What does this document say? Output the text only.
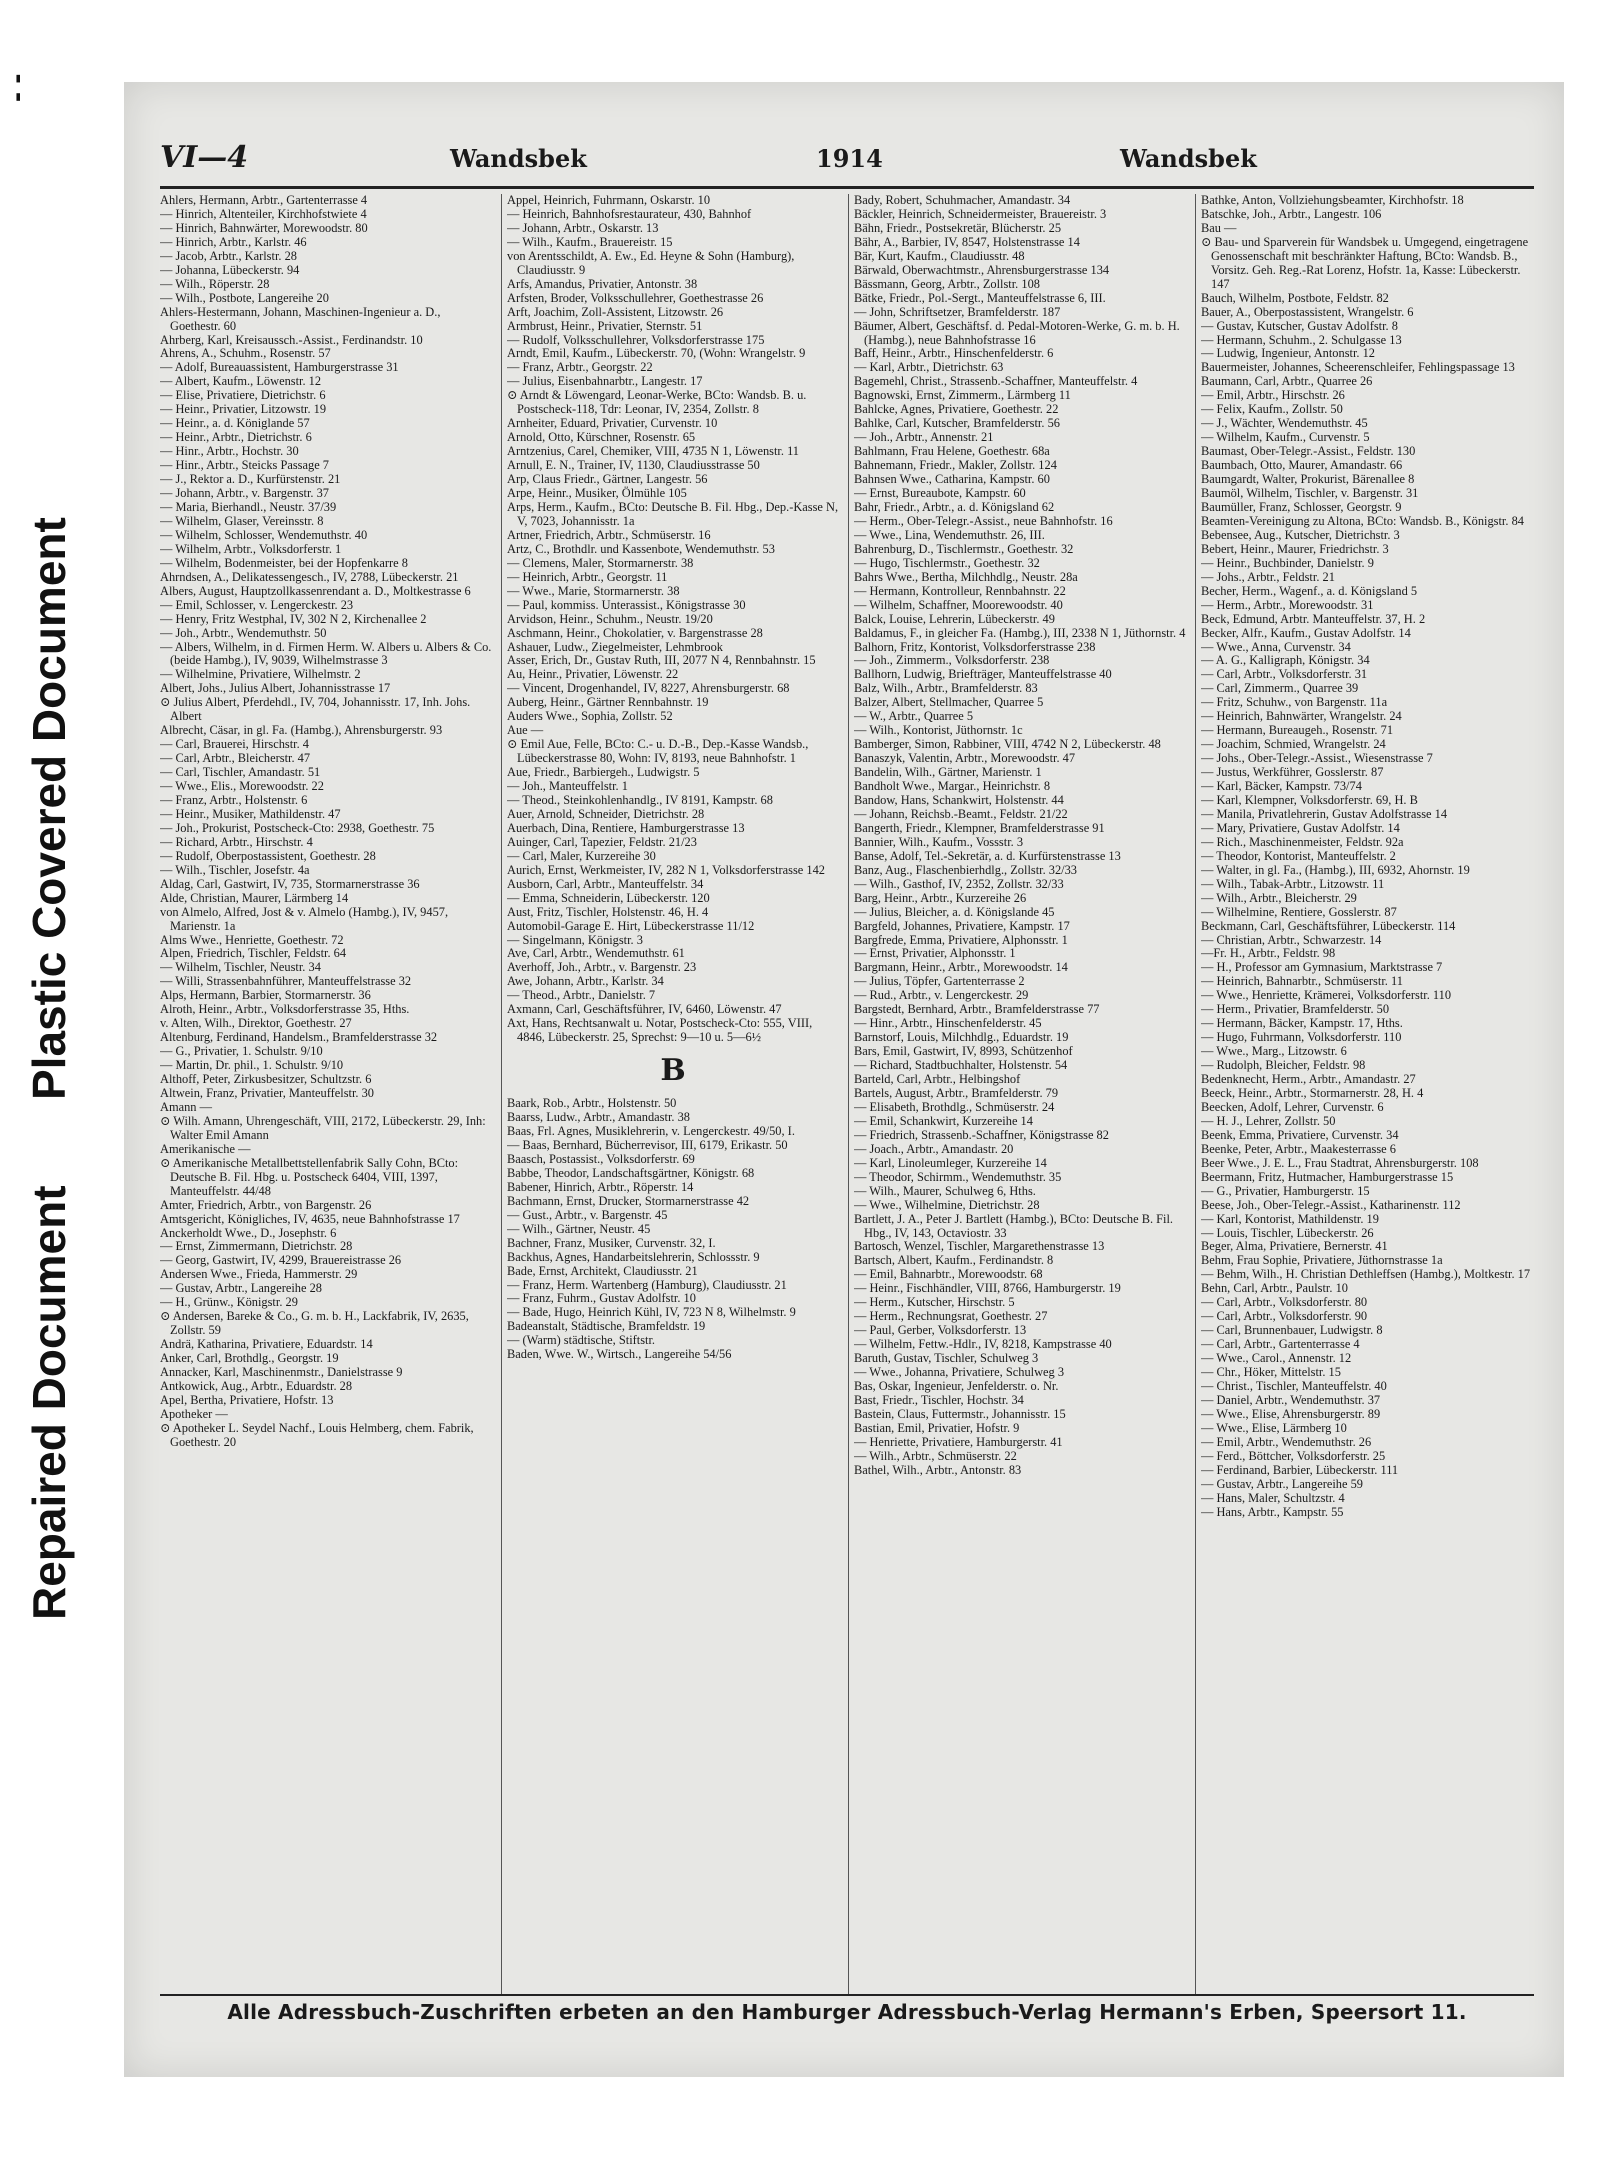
- -
Plastic Covered Document
Repaired Document
VI—4	Wandsbek	1914	Wandsbek
Ahlers, Hermann, Arbtr., Gartenterrasse 4
— Hinrich, Altenteiler, Kirchhofstwiete 4
— Hinrich, Bahnwärter, Morewoodstr. 80
— Hinrich, Arbtr., Karlstr. 46
— Jacob, Arbtr., Karlstr. 28
— Johanna, Lübeckerstr. 94
— Wilh., Röperstr. 28
— Wilh., Postbote, Langereihe 20
Ahlers-Hestermann, Johann, Maschinen-Ingenieur a. D., Goethestr. 60
Ahrberg, Karl, Kreisaussch.-Assist., Ferdinandstr. 10
Ahrens, A., Schuhm., Rosenstr. 57
— Adolf, Bureauassistent, Hamburgerstrasse 31
— Albert, Kaufm., Löwenstr. 12
— Elise, Privatiere, Dietrichstr. 6
— Heinr., Privatier, Litzowstr. 19
— Heinr., a. d. Königlande 57
— Heinr., Arbtr., Dietrichstr. 6
— Hinr., Arbtr., Hochstr. 30
— Hinr., Arbtr., Steicks Passage 7
— J., Rektor a. D., Kurfürstenstr. 21
— Johann, Arbtr., v. Bargenstr. 37
— Maria, Bierhandl., Neustr. 37/39
— Wilhelm, Glaser, Vereinsstr. 8
— Wilhelm, Schlosser, Wendemuthstr. 40
— Wilhelm, Arbtr., Volksdorferstr. 1
— Wilhelm, Bodenmeister, bei der Hopfenkarre 8
Ahrndsen, A., Delikatessengesch., IV, 2788, Lübeckerstr. 21
Albers, August, Hauptzollkassenrendant a. D., Moltkestrasse 6
— Emil, Schlosser, v. Lengerckestr. 23
— Henry, Fritz Westphal, IV, 302 N 2, Kirchenallee 2
— Joh., Arbtr., Wendemuthstr. 50
— Albers, Wilhelm, in d. Firmen Herm. W. Albers u. Albers & Co. (beide Hambg.), IV, 9039, Wilhelmstrasse 3
— Wilhelmine, Privatiere, Wilhelmstr. 2
Albert, Johs., Julius Albert, Johannisstrasse 17
⊙ Julius Albert, Pferdehdl., IV, 704, Johannisstr. 17, Inh. Johs. Albert
Albrecht, Cäsar, in gl. Fa. (Hambg.), Ahrensburgerstr. 93
— Carl, Brauerei, Hirschstr. 4
— Carl, Arbtr., Bleicherstr. 47
— Carl, Tischler, Amandastr. 51
— Wwe., Elis., Morewoodstr. 22
— Franz, Arbtr., Holstenstr. 6
— Heinr., Musiker, Mathildenstr. 47
— Joh., Prokurist, Postscheck-Cto: 2938, Goethestr. 75
— Richard, Arbtr., Hirschstr. 4
— Rudolf, Oberpostassistent, Goethestr. 28
— Wilh., Tischler, Josefstr. 4a
Aldag, Carl, Gastwirt, IV, 735, Stormarnerstrasse 36
Alde, Christian, Maurer, Lärmberg 14
von Almelo, Alfred, Jost & v. Almelo (Hambg.), IV, 9457, Marienstr. 1a
Alms Wwe., Henriette, Goethestr. 72
Alpen, Friedrich, Tischler, Feldstr. 64
— Wilhelm, Tischler, Neustr. 34
— Willi, Strassenbahnführer, Manteuffelstrasse 32
Alps, Hermann, Barbier, Stormarnerstr. 36
Alroth, Heinr., Arbtr., Volksdorferstrasse 35, Hths.
v. Alten, Wilh., Direktor, Goethestr. 27
Altenburg, Ferdinand, Handelsm., Bramfelderstrasse 32
— G., Privatier, 1. Schulstr. 9/10
— Martin, Dr. phil., 1. Schulstr. 9/10
Althoff, Peter, Zirkusbesitzer, Schultzstr. 6
Altwein, Franz, Privatier, Manteuffelstr. 30
Amann —
⊙ Wilh. Amann, Uhrengeschäft, VIII, 2172, Lübeckerstr. 29, Inh: Walter Emil Amann
Amerikanische —
⊙ Amerikanische Metallbettstellenfabrik Sally Cohn, BCto: Deutsche B. Fil. Hbg. u. Postscheck 6404, VIII, 1397, Manteuffelstr. 44/48
Amter, Friedrich, Arbtr., von Bargenstr. 26
Amtsgericht, Königliches, IV, 4635, neue Bahnhofstrasse 17
Anckerholdt Wwe., D., Josephstr. 6
— Ernst, Zimmermann, Dietrichstr. 28
— Georg, Gastwirt, IV, 4299, Brauereistrasse 26
Andersen Wwe., Frieda, Hammerstr. 29
— Gustav, Arbtr., Langereihe 28
— H., Grünw., Königstr. 29
⊙ Andersen, Bareke & Co., G. m. b. H., Lackfabrik, IV, 2635, Zollstr. 59
Andrä, Katharina, Privatiere, Eduardstr. 14
Anker, Carl, Brothdlg., Georgstr. 19
Annacker, Karl, Maschinenmstr., Danielstrasse 9
Antkowick, Aug., Arbtr., Eduardstr. 28
Apel, Bertha, Privatiere, Hofstr. 13
Apotheker —
⊙ Apotheker L. Seydel Nachf., Louis Helmberg, chem. Fabrik, Goethestr. 20
Appel, Heinrich, Fuhrmann, Oskarstr. 10
— Heinrich, Bahnhofsrestaurateur, 430, Bahnhof
— Johann, Arbtr., Oskarstr. 13
— Wilh., Kaufm., Brauereistr. 15
von Arentsschildt, A. Ew., Ed. Heyne & Sohn (Hamburg), Claudiusstr. 9
Arfs, Amandus, Privatier, Antonstr. 38
Arfsten, Broder, Volksschullehrer, Goethestrasse 26
Arft, Joachim, Zoll-Assistent, Litzowstr. 26
Armbrust, Heinr., Privatier, Sternstr. 51
— Rudolf, Volksschullehrer, Volksdorferstrasse 175
Arndt, Emil, Kaufm., Lübeckerstr. 70, (Wohn: Wrangelstr. 9
— Franz, Arbtr., Georgstr. 22
— Julius, Eisenbahnarbtr., Langestr. 17
⊙ Arndt & Löwengard, Leonar-Werke, BCto: Wandsb. B. u. Postscheck-118, Tdr: Leonar, IV, 2354, Zollstr. 8
Arnheiter, Eduard, Privatier, Curvenstr. 10
Arnold, Otto, Kürschner, Rosenstr. 65
Arntzenius, Carel, Chemiker, VIII, 4735 N 1, Löwenstr. 11
Arnull, E. N., Trainer, IV, 1130, Claudiusstrasse 50
Arp, Claus Friedr., Gärtner, Langestr. 56
Arpe, Heinr., Musiker, Ölmühle 105
Arps, Herm., Kaufm., BCto: Deutsche B. Fil. Hbg., Dep.-Kasse N, V, 7023, Johannisstr. 1a
Artner, Friedrich, Arbtr., Schmüserstr. 16
Artz, C., Brothdlr. und Kassenbote, Wendemuthstr. 53
— Clemens, Maler, Stormarnerstr. 38
— Heinrich, Arbtr., Georgstr. 11
— Wwe., Marie, Stormarnerstr. 38
— Paul, kommiss. Unterassist., Königstrasse 30
Arvidson, Heinr., Schuhm., Neustr. 19/20
Aschmann, Heinr., Chokolatier, v. Bargenstrasse 28
Ashauer, Ludw., Ziegelmeister, Lehmbrook
Asser, Erich, Dr., Gustav Ruth, III, 2077 N 4, Rennbahnstr. 15
Au, Heinr., Privatier, Löwenstr. 22
— Vincent, Drogenhandel, IV, 8227, Ahrensburgerstr. 68
Auberg, Heinr., Gärtner Rennbahnstr. 19
Auders Wwe., Sophia, Zollstr. 52
Aue —
⊙ Emil Aue, Felle, BCto: C.- u. D.-B., Dep.-Kasse Wandsb., Lübeckerstrasse 80, Wohn: IV, 8193, neue Bahnhofstr. 1
Aue, Friedr., Barbiergeh., Ludwigstr. 5
— Joh., Manteuffelstr. 1
— Theod., Steinkohlenhandlg., IV 8191, Kampstr. 68
Auer, Arnold, Schneider, Dietrichstr. 28
Auerbach, Dina, Rentiere, Hamburgerstrasse 13
Auinger, Carl, Tapezier, Feldstr. 21/23
— Carl, Maler, Kurzereihe 30
Aurich, Ernst, Werkmeister, IV, 282 N 1, Volksdorferstrasse 142
Ausborn, Carl, Arbtr., Manteuffelstr. 34
— Emma, Schneiderin, Lübeckerstr. 120
Aust, Fritz, Tischler, Holstenstr. 46, H. 4
Automobil-Garage E. Hirt, Lübeckerstrasse 11/12
— Singelmann, Königstr. 3
Ave, Carl, Arbtr., Wendemuthstr. 61
Averhoff, Joh., Arbtr., v. Bargenstr. 23
Awe, Johann, Arbtr., Karlstr. 34
— Theod., Arbtr., Danielstr. 7
Axmann, Carl, Geschäftsführer, IV, 6460, Löwenstr. 47
Axt, Hans, Rechtsanwalt u. Notar, Postscheck-Cto: 555, VIII, 4846, Lübeckerstr. 25, Sprechst: 9—10 u. 5—6½
B
Baark, Rob., Arbtr., Holstenstr. 50
Baarss, Ludw., Arbtr., Amandastr. 38
Baas, Frl. Agnes, Musiklehrerin, v. Lengerckestr. 49/50, I.
— Baas, Bernhard, Bücherrevisor, III, 6179, Erikastr. 50
Baasch, Postassist., Volksdorferstr. 69
Babbe, Theodor, Landschaftsgärtner, Königstr. 68
Babener, Hinrich, Arbtr., Röperstr. 14
Bachmann, Ernst, Drucker, Stormarnerstrasse 42
— Gust., Arbtr., v. Bargenstr. 45
— Wilh., Gärtner, Neustr. 45
Bachner, Franz, Musiker, Curvenstr. 32, I.
Backhus, Agnes, Handarbeitslehrerin, Schlossstr. 9
Bade, Ernst, Architekt, Claudiusstr. 21
— Franz, Herm. Wartenberg (Hamburg), Claudiusstr. 21
— Franz, Fuhrm., Gustav Adolfstr. 10
— Bade, Hugo, Heinrich Kühl, IV, 723 N 8, Wilhelmstr. 9
Badeanstalt, Städtische, Bramfeldstr. 19
— (Warm) städtische, Stiftstr.
Baden, Wwe. W., Wirtsch., Langereihe 54/56
Bady, Robert, Schuhmacher, Amandastr. 34
Bäckler, Heinrich, Schneidermeister, Brauereistr. 3
Bähn, Friedr., Postsekretär, Blücherstr. 25
Bähr, A., Barbier, IV, 8547, Holstenstrasse 14
Bär, Kurt, Kaufm., Claudiusstr. 48
Bärwald, Oberwachtmstr., Ahrensburgerstrasse 134
Bässmann, Georg, Arbtr., Zollstr. 108
Bätke, Friedr., Pol.-Sergt., Manteuffelstrasse 6, III.
— John, Schriftsetzer, Bramfelderstr. 187
Bäumer, Albert, Geschäftsf. d. Pedal-Motoren-Werke, G. m. b. H. (Hambg.), neue Bahnhofstrasse 16
Baff, Heinr., Arbtr., Hinschenfelderstr. 6
— Karl, Arbtr., Dietrichstr. 63
Bagemehl, Christ., Strassenb.-Schaffner, Manteuffelstr. 4
Bagnowski, Ernst, Zimmerm., Lärmberg 11
Bahlcke, Agnes, Privatiere, Goethestr. 22
Bahlke, Carl, Kutscher, Bramfelderstr. 56
— Joh., Arbtr., Annenstr. 21
Bahlmann, Frau Helene, Goethestr. 68a
Bahnemann, Friedr., Makler, Zollstr. 124
Bahnsen Wwe., Catharina, Kampstr. 60
— Ernst, Bureaubote, Kampstr. 60
Bahr, Friedr., Arbtr., a. d. Königsland 62
— Herm., Ober-Telegr.-Assist., neue Bahnhofstr. 16
— Wwe., Lina, Wendemuthstr. 26, III.
Bahrenburg, D., Tischlermstr., Goethestr. 32
— Hugo, Tischlermstr., Goethestr. 32
Bahrs Wwe., Bertha, Milchhdlg., Neustr. 28a
— Hermann, Kontrolleur, Rennbahnstr. 22
— Wilhelm, Schaffner, Moorewoodstr. 40
Balck, Louise, Lehrerin, Lübeckerstr. 49
Baldamus, F., in gleicher Fa. (Hambg.), III, 2338 N 1, Jüthornstr. 4
Balhorn, Fritz, Kontorist, Volksdorferstrasse 238
— Joh., Zimmerm., Volksdorferstr. 238
Ballhorn, Ludwig, Briefträger, Manteuffelstrasse 40
Balz, Wilh., Arbtr., Bramfelderstr. 83
Balzer, Albert, Stellmacher, Quarree 5
— W., Arbtr., Quarree 5
— Wilh., Kontorist, Jüthornstr. 1c
Bamberger, Simon, Rabbiner, VIII, 4742 N 2, Lübeckerstr. 48
Banaszyk, Valentin, Arbtr., Morewoodstr. 47
Bandelin, Wilh., Gärtner, Marienstr. 1
Bandholt Wwe., Margar., Heinrichstr. 8
Bandow, Hans, Schankwirt, Holstenstr. 44
— Johann, Reichsb.-Beamt., Feldstr. 21/22
Bangerth, Friedr., Klempner, Bramfelderstrasse 91
Bannier, Wilh., Kaufm., Vossstr. 3
Banse, Adolf, Tel.-Sekretär, a. d. Kurfürstenstrasse 13
Banz, Aug., Flaschenbierhdlg., Zollstr. 32/33
— Wilh., Gasthof, IV, 2352, Zollstr. 32/33
Barg, Heinr., Arbtr., Kurzereihe 26
— Julius, Bleicher, a. d. Königslande 45
Bargfeld, Johannes, Privatiere, Kampstr. 17
Bargfrede, Emma, Privatiere, Alphonsstr. 1
— Ernst, Privatier, Alphonsstr. 1
Bargmann, Heinr., Arbtr., Morewoodstr. 14
— Julius, Töpfer, Gartenterrasse 2
— Rud., Arbtr., v. Lengerckestr. 29
Bargstedt, Bernhard, Arbtr., Bramfelderstrasse 77
— Hinr., Arbtr., Hinschenfelderstr. 45
Barnstorf, Louis, Milchhdlg., Eduardstr. 19
Bars, Emil, Gastwirt, IV, 8993, Schützenhof
— Richard, Stadtbuchhalter, Holstenstr. 54
Barteld, Carl, Arbtr., Helbingshof
Bartels, August, Arbtr., Bramfelderstr. 79
— Elisabeth, Brothdlg., Schmüserstr. 24
— Emil, Schankwirt, Kurzereihe 14
— Friedrich, Strassenb.-Schaffner, Königstrasse 82
— Joach., Arbtr., Amandastr. 20
— Karl, Linoleumleger, Kurzereihe 14
— Theodor, Schirmm., Wendemuthstr. 35
— Wilh., Maurer, Schulweg 6, Hths.
— Wwe., Wilhelmine, Dietrichstr. 28
Bartlett, J. A., Peter J. Bartlett (Hambg.), BCto: Deutsche B. Fil. Hbg., IV, 143, Octaviostr. 33
Bartosch, Wenzel, Tischler, Margarethenstrasse 13
Bartsch, Albert, Kaufm., Ferdinandstr. 8
— Emil, Bahnarbtr., Morewoodstr. 68
— Heinr., Fischhändler, VIII, 8766, Hamburgerstr. 19
— Herm., Kutscher, Hirschstr. 5
— Herm., Rechnungsrat, Goethestr. 27
— Paul, Gerber, Volksdorferstr. 13
— Wilhelm, Fettw.-Hdlr., IV, 8218, Kampstrasse 40
Baruth, Gustav, Tischler, Schulweg 3
— Wwe., Johanna, Privatiere, Schulweg 3
Bas, Oskar, Ingenieur, Jenfelderstr. o. Nr.
Bast, Friedr., Tischler, Hochstr. 34
Bastein, Claus, Futtermstr., Johannisstr. 15
Bastian, Emil, Privatier, Hofstr. 9
— Henriette, Privatiere, Hamburgerstr. 41
— Wilh., Arbtr., Schmüserstr. 22
Bathel, Wilh., Arbtr., Antonstr. 83
Bathke, Anton, Vollziehungsbeamter, Kirchhofstr. 18
Batschke, Joh., Arbtr., Langestr. 106
Bau —
⊙ Bau- und Sparverein für Wandsbek u. Umgegend, eingetragene Genossenschaft mit beschränkter Haftung, BCto: Wandsb. B., Vorsitz. Geh. Reg.-Rat Lorenz, Hofstr. 1a, Kasse: Lübeckerstr. 147
Bauch, Wilhelm, Postbote, Feldstr. 82
Bauer, A., Oberpostassistent, Wrangelstr. 6
— Gustav, Kutscher, Gustav Adolfstr. 8
— Hermann, Schuhm., 2. Schulgasse 13
— Ludwig, Ingenieur, Antonstr. 12
Bauermeister, Johannes, Scheerenschleifer, Fehlingspassage 13
Baumann, Carl, Arbtr., Quarree 26
— Emil, Arbtr., Hirschstr. 26
— Felix, Kaufm., Zollstr. 50
— J., Wächter, Wendemuthstr. 45
— Wilhelm, Kaufm., Curvenstr. 5
Baumast, Ober-Telegr.-Assist., Feldstr. 130
Baumbach, Otto, Maurer, Amandastr. 66
Baumgardt, Walter, Prokurist, Bärenallee 8
Baumöl, Wilhelm, Tischler, v. Bargenstr. 31
Baumüller, Franz, Schlosser, Georgstr. 9
Beamten-Vereinigung zu Altona, BCto: Wandsb. B., Königstr. 84
Bebensee, Aug., Kutscher, Dietrichstr. 3
Bebert, Heinr., Maurer, Friedrichstr. 3
— Heinr., Buchbinder, Danielstr. 9
— Johs., Arbtr., Feldstr. 21
Becher, Herm., Wagenf., a. d. Königsland 5
— Herm., Arbtr., Morewoodstr. 31
Beck, Edmund, Arbtr. Manteuffelstr. 37, H. 2
Becker, Alfr., Kaufm., Gustav Adolfstr. 14
— Wwe., Anna, Curvenstr. 34
— A. G., Kalligraph, Königstr. 34
— Carl, Arbtr., Volksdorferstr. 31
— Carl, Zimmerm., Quarree 39
— Fritz, Schuhw., von Bargenstr. 11a
— Heinrich, Bahnwärter, Wrangelstr. 24
— Hermann, Bureaugeh., Rosenstr. 71
— Joachim, Schmied, Wrangelstr. 24
— Johs., Ober-Telegr.-Assist., Wiesenstrasse 7
— Justus, Werkführer, Gosslerstr. 87
— Karl, Bäcker, Kampstr. 73/74
— Karl, Klempner, Volksdorferstr. 69, H. B
— Manila, Privatlehrerin, Gustav Adolfstrasse 14
— Mary, Privatiere, Gustav Adolfstr. 14
— Rich., Maschinenmeister, Feldstr. 92a
— Theodor, Kontorist, Manteuffelstr. 2
— Walter, in gl. Fa., (Hambg.), III, 6932, Ahornstr. 19
— Wilh., Tabak-Arbtr., Litzowstr. 11
— Wilh., Arbtr., Bleicherstr. 29
— Wilhelmine, Rentiere, Gosslerstr. 87
Beckmann, Carl, Geschäftsführer, Lübeckerstr. 114
— Christian, Arbtr., Schwarzestr. 14
—Fr. H., Arbtr., Feldstr. 98
— H., Professor am Gymnasium, Marktstrasse 7
— Heinrich, Bahnarbtr., Schmüserstr. 11
— Wwe., Henriette, Krämerei, Volksdorferstr. 110
— Herm., Privatier, Bramfelderstr. 50
— Hermann, Bäcker, Kampstr. 17, Hths.
— Hugo, Fuhrmann, Volksdorferstr. 110
— Wwe., Marg., Litzowstr. 6
— Rudolph, Bleicher, Feldstr. 98
Bedenknecht, Herm., Arbtr., Amandastr. 27
Beeck, Heinr., Arbtr., Stormarnerstr. 28, H. 4
Beecken, Adolf, Lehrer, Curvenstr. 6
— H. J., Lehrer, Zollstr. 50
Beenk, Emma, Privatiere, Curvenstr. 34
Beenke, Peter, Arbtr., Maakesterrasse 6
Beer Wwe., J. E. L., Frau Stadtrat, Ahrensburgerstr. 108
Beermann, Fritz, Hutmacher, Hamburgerstrasse 15
— G., Privatier, Hamburgerstr. 15
Beese, Joh., Ober-Telegr.-Assist., Katharinenstr. 112
— Karl, Kontorist, Mathildenstr. 19
— Louis, Tischler, Lübeckerstr. 26
Beger, Alma, Privatiere, Bernerstr. 41
Behm, Frau Sophie, Privatiere, Jüthornstrasse 1a
— Behm, Wilh., H. Christian Dethleffsen (Hambg.), Moltkestr. 17
Behn, Carl, Arbtr., Paulstr. 10
— Carl, Arbtr., Volksdorferstr. 80
— Carl, Arbtr., Volksdorferstr. 90
— Carl, Brunnenbauer, Ludwigstr. 8
— Carl, Arbtr., Gartenterrasse 4
— Wwe., Carol., Annenstr. 12
— Chr., Höker, Mittelstr. 15
— Christ., Tischler, Manteuffelstr. 40
— Daniel, Arbtr., Wendemuthstr. 37
— Wwe., Elise, Ahrensburgerstr. 89
— Wwe., Elise, Lärmberg 10
— Emil, Arbtr., Wendemuthstr. 26
— Ferd., Böttcher, Volksdorferstr. 25
— Ferdinand, Barbier, Lübeckerstr. 111
— Gustav, Arbtr., Langereihe 59
— Hans, Maler, Schultzstr. 4
— Hans, Arbtr., Kampstr. 55
Alle Adressbuch-Zuschriften erbeten an den Hamburger Adressbuch-Verlag Hermann's Erben, Speersort 11.
